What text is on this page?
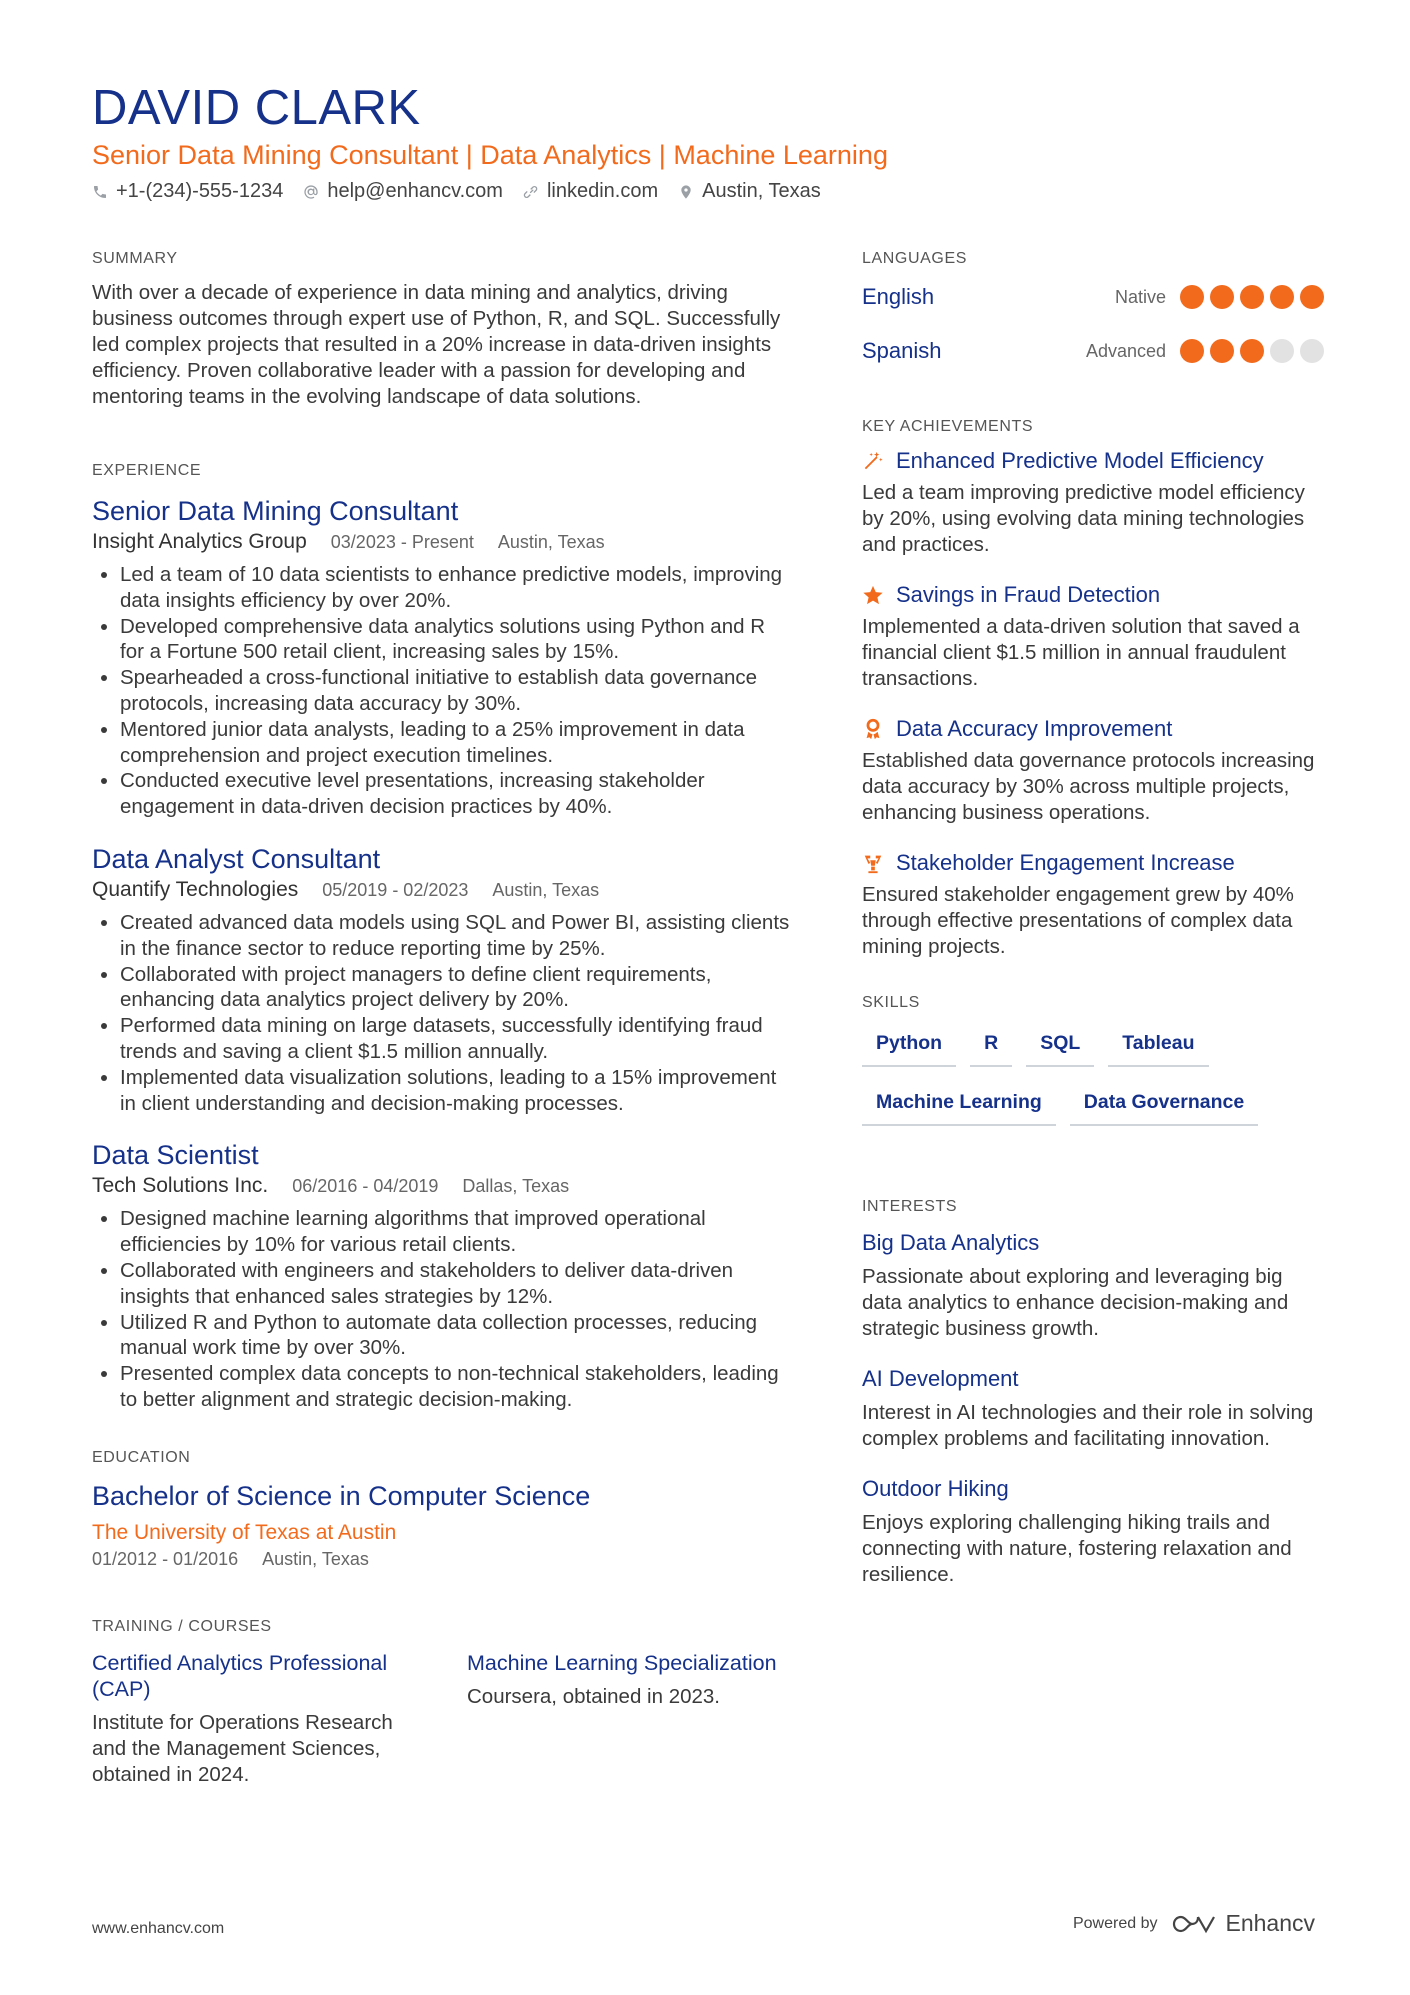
DAVID CLARK
Senior Data Mining Consultant | Data Analytics | Machine Learning
+1-(234)-555-1234 help@enhancv.com linkedin.com Austin, Texas
SUMMARY
With over a decade of experience in data mining and analytics, driving business outcomes through expert use of Python, R, and SQL. Successfully led complex projects that resulted in a 20% increase in data-driven insights efficiency. Proven collaborative leader with a passion for developing and mentoring teams in the evolving landscape of data solutions.
EXPERIENCE
Senior Data Mining Consultant
Insight Analytics Group 03/2023 - Present Austin, Texas
• Led a team of 10 data scientists to enhance predictive models, improving data insights efficiency by over 20%.
• Developed comprehensive data analytics solutions using Python and R for a Fortune 500 retail client, increasing sales by 15%.
• Spearheaded a cross-functional initiative to establish data governance protocols, increasing data accuracy by 30%.
• Mentored junior data analysts, leading to a 25% improvement in data comprehension and project execution timelines.
• Conducted executive level presentations, increasing stakeholder engagement in data-driven decision practices by 40%.
Data Analyst Consultant
Quantify Technologies 05/2019 - 02/2023 Austin, Texas
• Created advanced data models using SQL and Power BI, assisting clients in the finance sector to reduce reporting time by 25%.
• Collaborated with project managers to define client requirements, enhancing data analytics project delivery by 20%.
• Performed data mining on large datasets, successfully identifying fraud trends and saving a client $1.5 million annually.
• Implemented data visualization solutions, leading to a 15% improvement in client understanding and decision-making processes.
Data Scientist
Tech Solutions Inc. 06/2016 - 04/2019 Dallas, Texas
• Designed machine learning algorithms that improved operational efficiencies by 10% for various retail clients.
• Collaborated with engineers and stakeholders to deliver data-driven insights that enhanced sales strategies by 12%.
• Utilized R and Python to automate data collection processes, reducing manual work time by over 30%.
• Presented complex data concepts to non-technical stakeholders, leading to better alignment and strategic decision-making.
EDUCATION
Bachelor of Science in Computer Science
The University of Texas at Austin
01/2012 - 01/2016 Austin, Texas
TRAINING / COURSES
Certified Analytics Professional (CAP)
Institute for Operations Research and the Management Sciences, obtained in 2024.
Machine Learning Specialization
Coursera, obtained in 2023.
LANGUAGES
English	Native
Spanish	Advanced
KEY ACHIEVEMENTS
Enhanced Predictive Model Efficiency
Led a team improving predictive model efficiency by 20%, using evolving data mining technologies and practices.
Savings in Fraud Detection
Implemented a data-driven solution that saved a financial client $1.5 million in annual fraudulent transactions.
Data Accuracy Improvement
Established data governance protocols increasing data accuracy by 30% across multiple projects, enhancing business operations.
Stakeholder Engagement Increase
Ensured stakeholder engagement grew by 40% through effective presentations of complex data mining projects.
SKILLS
Python	R	SQL	Tableau
Machine Learning	Data Governance
INTERESTS
Big Data Analytics
Passionate about exploring and leveraging big data analytics to enhance decision-making and strategic business growth.
AI Development
Interest in AI technologies and their role in solving complex problems and facilitating innovation.
Outdoor Hiking
Enjoys exploring challenging hiking trails and connecting with nature, fostering relaxation and resilience.
www.enhancv.com	Powered by	Enhancv
